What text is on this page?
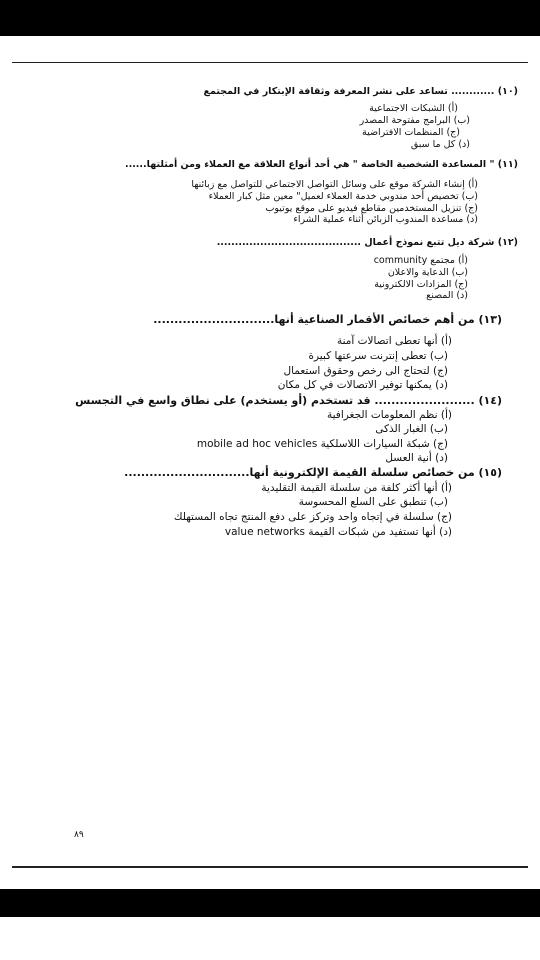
(١٠) ............ تساعد على نشر المعرفة وثقافة الإبتكار في المجتمع
(أ) الشبكات الاجتماعية
(ب) البرامج مفتوحة المصدر
(ج) المنظمات الافتراضية
(د) كل ما سبق
(١١) " المساعدة الشخصية الخاصة " هي أحد أنواع العلاقة مع العملاء ومن أمثلتها......
(أ) إنشاء الشركة موقع على وسائل التواصل الاجتماعي للتواصل مع زبائنها
(ب) تخصيص أحد مندوبي خدمة العملاء لعميل" معين مثل كبار العملاء
(ج) تنزيل المستخدمين مقاطع فيديو على موقع يوتيوب
(د) مساعدة المندوب الزبائن أثناء عملية الشراء
(١٢) شركة ديل تتبع نموذج أعمال ........................................
(أ) مجتمع community
(ب) الدعاية والاعلان
(ج) المزادات الالكترونية
(د) المصنع
(١٣) من أهم خصائص الأقمار الصناعية أنها.............................
(أ) أنها تعطى اتصالات آمنة
(ب) تعطى إنترنت سرعتها كبيرة
(ج) لتحتاج الى رخص وحقوق استعمال
(د) يمكنها توفير الاتصالات في كل مكان
(١٤) ........................ قد تستخدم (أو يستخدم) على نطاق واسع في التجسس
(أ) نظم المعلومات الجغرافية
(ب) الغبار الذكى
(ج) شبكة السيارات اللاسلكية mobile ad hoc vehicles
(د) أنية العسل
(١٥) من خصائص سلسلة القيمة الإلكترونية أنها..............................
(أ) أنها أكثر كلفة من سلسلة القيمة التقليدية
(ب) تنطبق على السلع المحسوسة
(ج) سلسلة في إتجاه واحد وتركز على دفع المنتج تجاه المستهلك
(د) أنها تستفيد من شبكات القيمة value networks
٨٩
